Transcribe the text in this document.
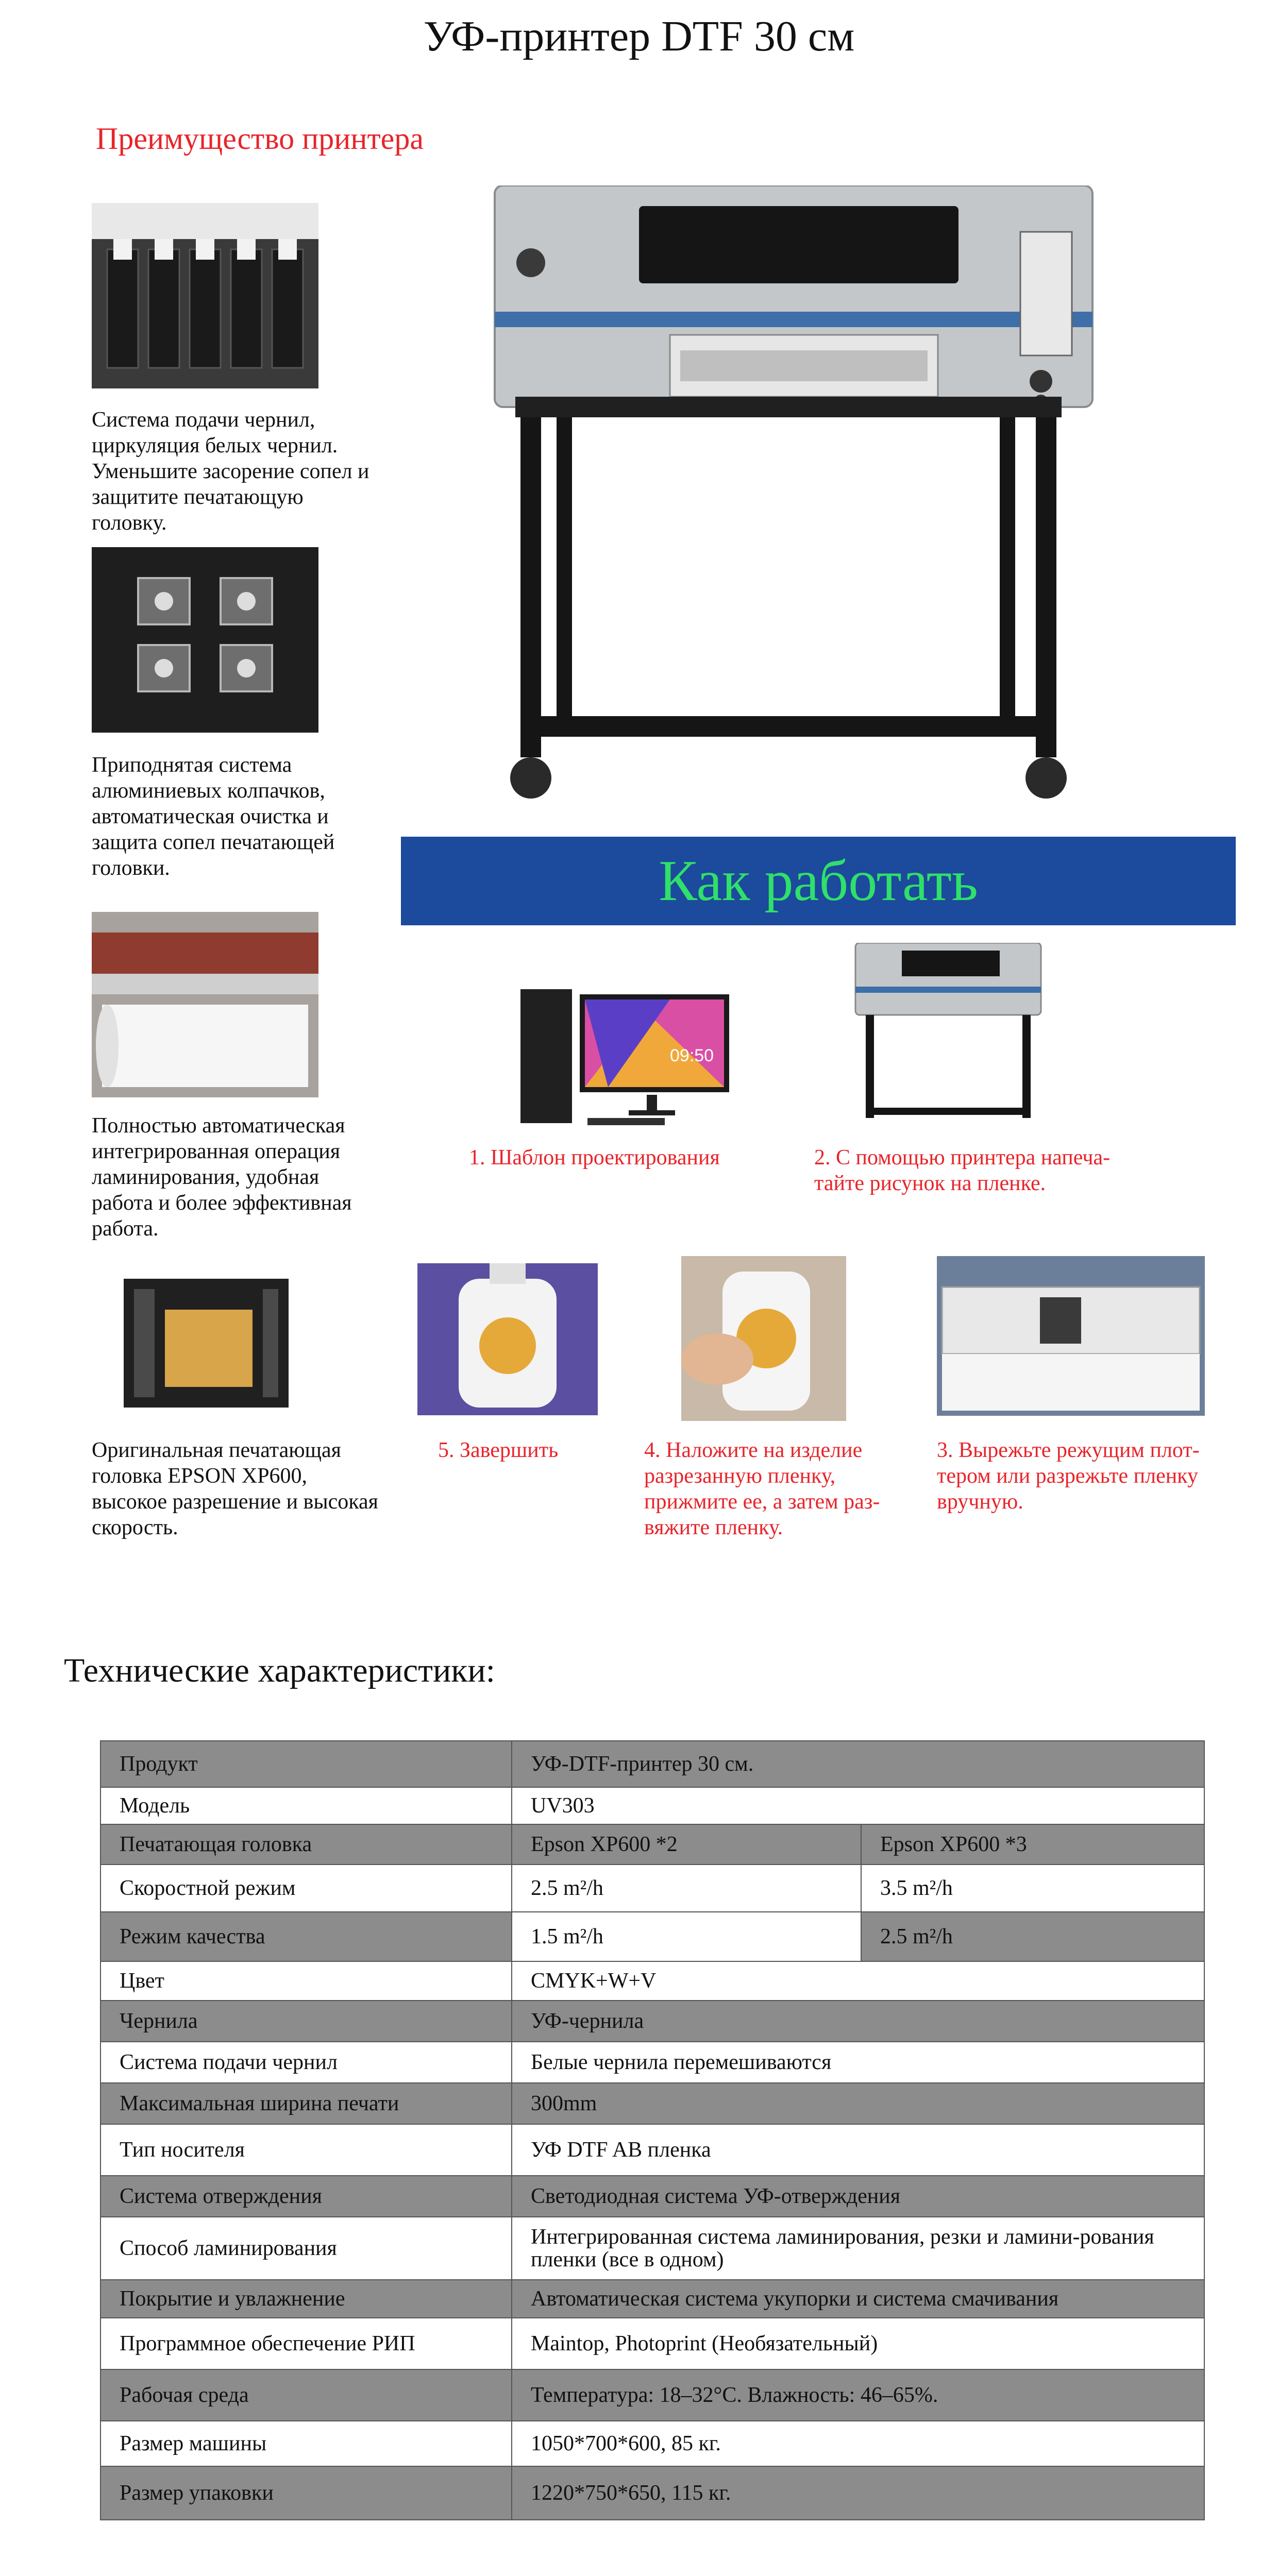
УФ-принтер DTF 30 см
Преимущество принтера
Система подачи чернил, циркуляция белых чернил. Уменьшите засорение сопел и защитите печатающую головку.
Приподнятая система алюминиевых колпачков, автоматическая очистка и защита сопел печатающей головки.
Полностью автоматическая интегрированная операция ламинирования, удобная работа и более эффективная работа.
Оригинальная печатающая головка EPSON XP600, высокое разрешение и высокая скорость.
Как работать
09:50
1. Шаблон проектирования	2. С помощью принтера напеча-тайте рисунок на пленке.
5. Завершить	4. Наложите на изделие разрезанную пленку, прижмите ее, а затем раз-вяжите пленку.
3. Вырежьте режущим плот-тером или разрежьте пленку вручную.
Технические характеристики:
Продукт	УФ-DTF-принтер 30 см.	
Модель	UV303	
Печатающая головка	Epson XP600 *2	Epson XP600 *3
Скоростной режим	2.5 m²/h	3.5 m²/h
Режим качества	1.5 m²/h	2.5 m²/h
Цвет	CMYK+W+V	
Чернила	УФ-чернила	
Система подачи чернил	Белые чернила перемешиваются	
Максимальная ширина печати	300mm	
Тип носителя	УФ DTF AB пленка	
Система отверждения	Светодиодная система УФ-отверждения	
Способ ламинирования	Интегрированная система ламинирования, резки и ламини-рования пленки (все в одном)	
Покрытие и увлажнение	Автоматическая система укупорки и система смачивания	
Программное обеспечение РИП	Maintop, Photoprint (Необязательный)	
Рабочая среда	Температура: 18–32°С. Влажность: 46–65%.	
Размер машины	1050*700*600, 85 кг.	
Размер упаковки	1220*750*650, 115 кг.	
